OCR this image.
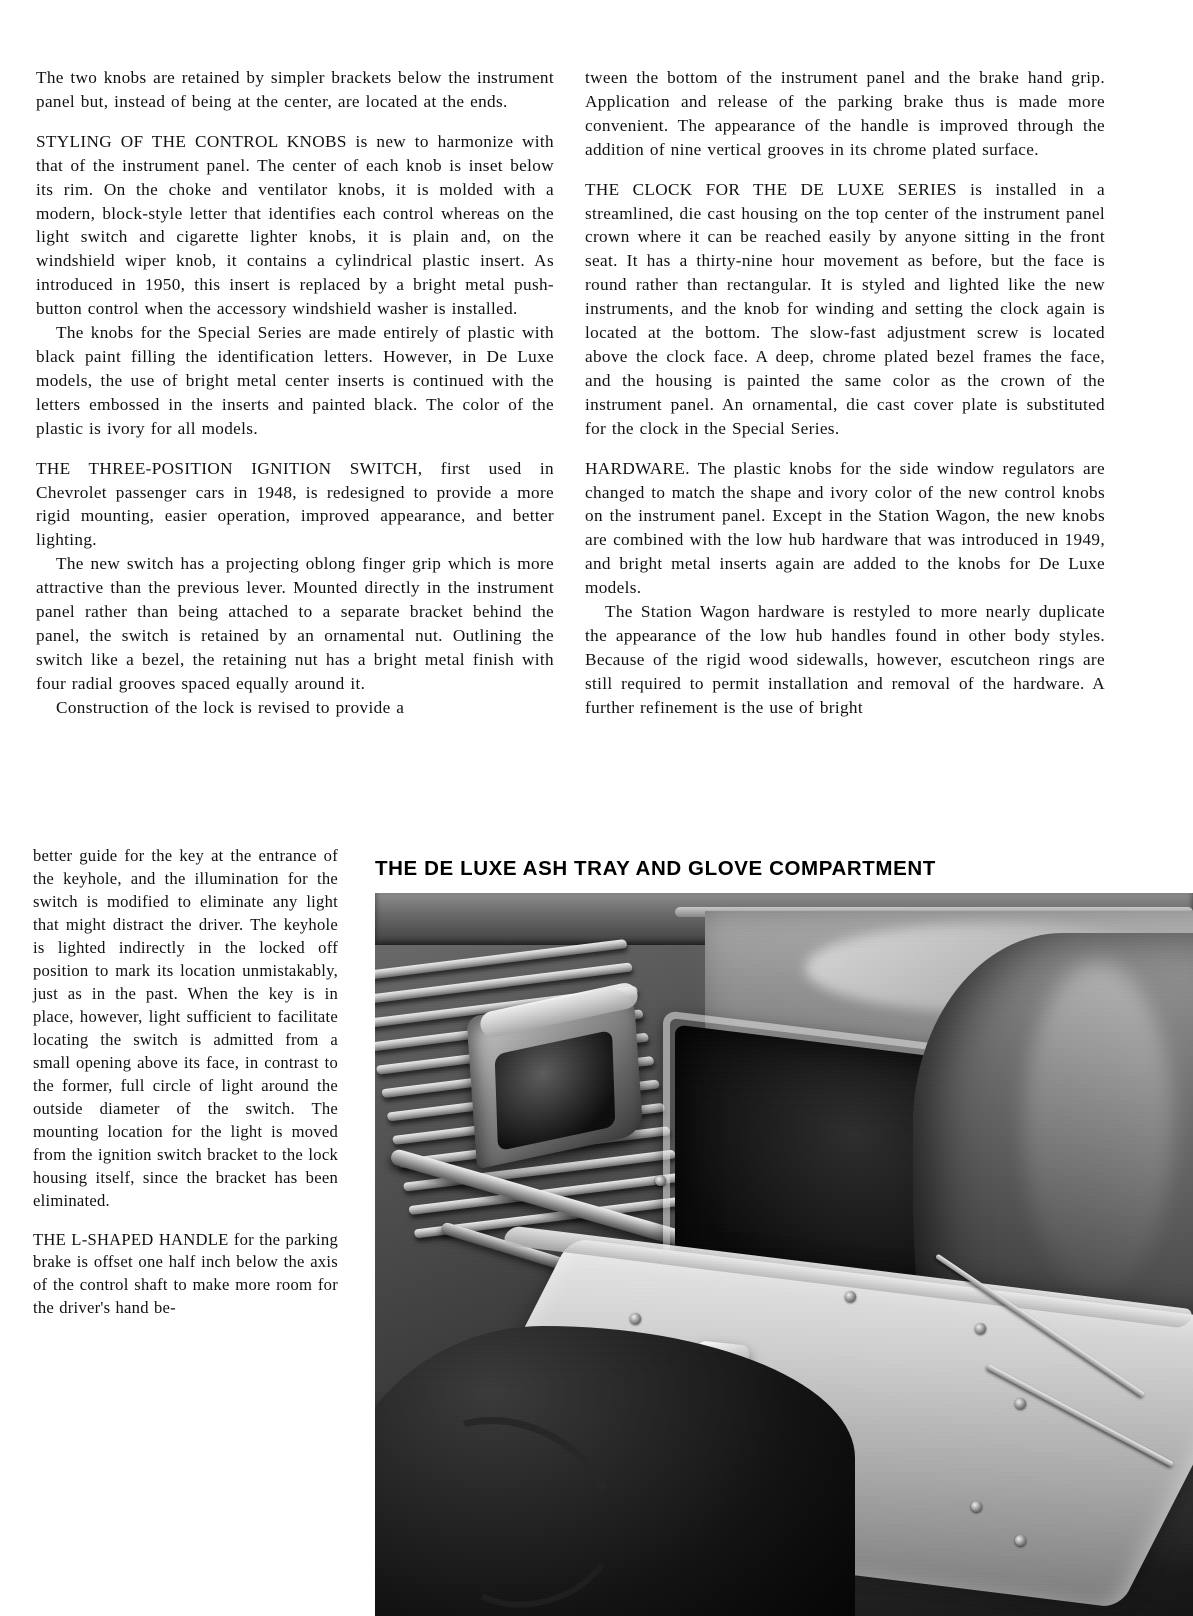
The two knobs are retained by simpler brackets below the instrument panel but, instead of being at the center, are located at the ends.

STYLING OF THE CONTROL KNOBS is new to harmonize with that of the instrument panel. The center of each knob is inset below its rim. On the choke and ventilator knobs, it is molded with a modern, block-style letter that identifies each control whereas on the light switch and cigarette lighter knobs, it is plain and, on the windshield wiper knob, it contains a cylindrical plastic insert. As introduced in 1950, this insert is replaced by a bright metal push-button control when the accessory windshield washer is installed.

The knobs for the Special Series are made entirely of plastic with black paint filling the identification letters. However, in De Luxe models, the use of bright metal center inserts is continued with the letters embossed in the inserts and painted black. The color of the plastic is ivory for all models.

THE THREE-POSITION IGNITION SWITCH, first used in Chevrolet passenger cars in 1948, is redesigned to provide a more rigid mounting, easier operation, improved appearance, and better lighting.

The new switch has a projecting oblong finger grip which is more attractive than the previous lever. Mounted directly in the instrument panel rather than being attached to a separate bracket behind the panel, the switch is retained by an ornamental nut. Outlining the switch like a bezel, the retaining nut has a bright metal finish with four radial grooves spaced equally around it.

Construction of the lock is revised to provide a

better guide for the key at the entrance of the keyhole, and the illumination for the switch is modified to eliminate any light that might distract the driver. The keyhole is lighted indirectly in the locked off position to mark its location unmistakably, just as in the past. When the key is in place, however, light sufficient to facilitate locating the switch is admitted from a small opening above its face, in contrast to the former, full circle of light around the outside diameter of the switch. The mounting location for the light is moved from the ignition switch bracket to the lock housing itself, since the bracket has been eliminated.

THE L-SHAPED HANDLE for the parking brake is offset one half inch below the axis of the control shaft to make more room for the driver's hand be-

tween the bottom of the instrument panel and the brake hand grip. Application and release of the parking brake thus is made more convenient. The appearance of the handle is improved through the addition of nine vertical grooves in its chrome plated surface.

THE CLOCK FOR THE DE LUXE SERIES is installed in a streamlined, die cast housing on the top center of the instrument panel crown where it can be reached easily by anyone sitting in the front seat. It has a thirty-nine hour movement as before, but the face is round rather than rectangular. It is styled and lighted like the new instruments, and the knob for winding and setting the clock again is located at the bottom. The slow-fast adjustment screw is located above the clock face. A deep, chrome plated bezel frames the face, and the housing is painted the same color as the crown of the instrument panel. An ornamental, die cast cover plate is substituted for the clock in the Special Series.

HARDWARE. The plastic knobs for the side window regulators are changed to match the shape and ivory color of the new control knobs on the instrument panel. Except in the Station Wagon, the new knobs are combined with the low hub hardware that was introduced in 1949, and bright metal inserts again are added to the knobs for De Luxe models.

The Station Wagon hardware is restyled to more nearly duplicate the appearance of the low hub handles found in other body styles. Because of the rigid wood sidewalls, however, escutcheon rings are still required to permit installation and removal of the hardware. A further refinement is the use of bright

THE DE LUXE ASH TRAY AND GLOVE COMPARTMENT
